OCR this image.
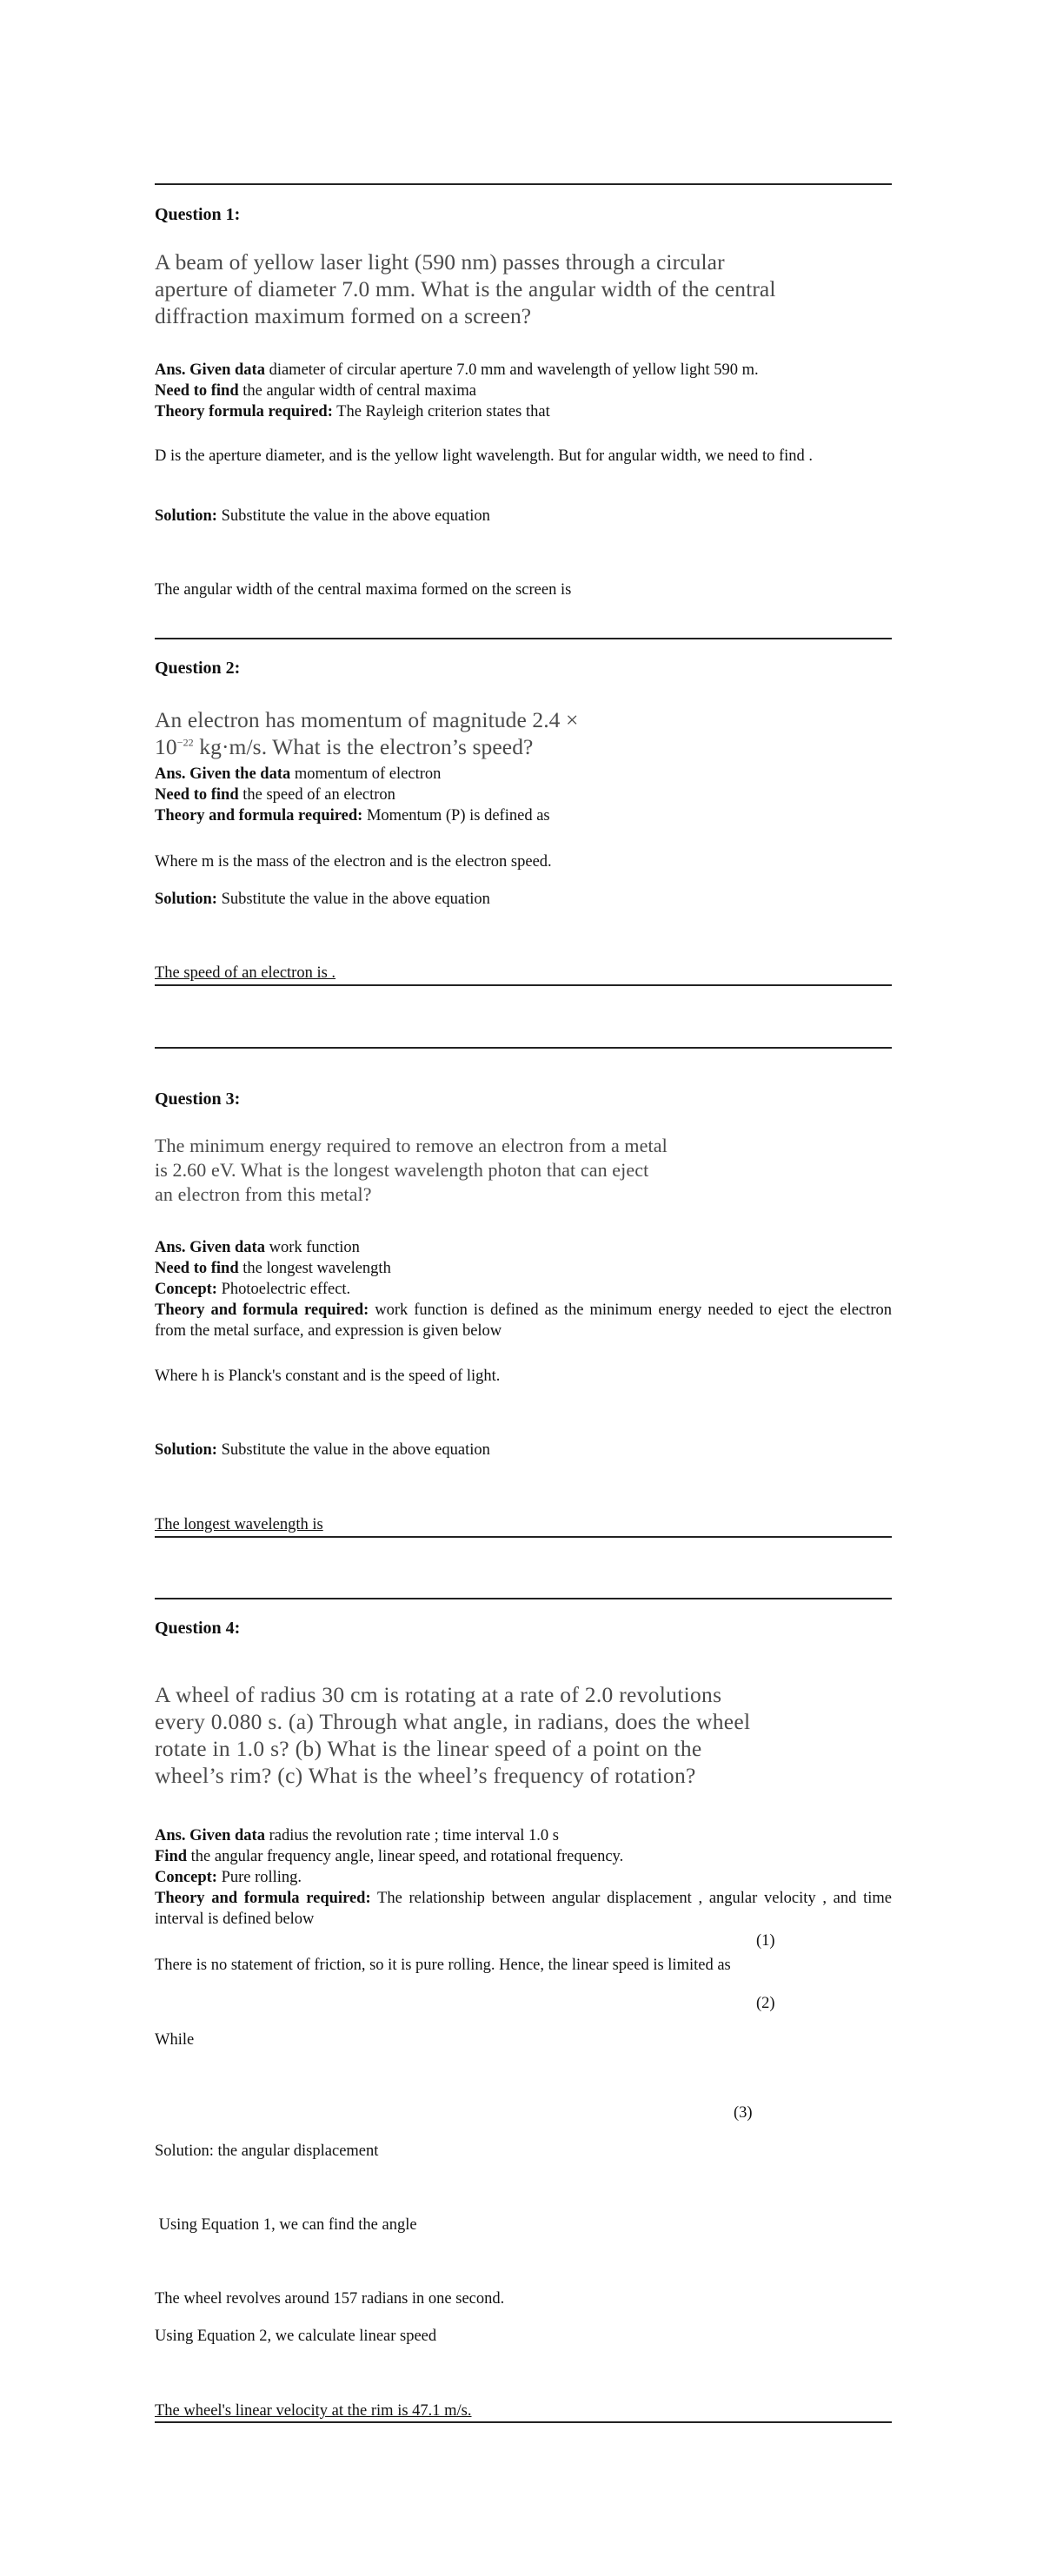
Question 1:
A beam of yellow laser light (590 nm) passes through a circular aperture of diameter 7.0 mm. What is the angular width of the central diffraction maximum formed on a screen?
Ans. Given data diameter of circular aperture 7.0 mm and wavelength of yellow light 590 m.
Need to find the angular width of central maxima
Theory formula required: The Rayleigh criterion states that
D is the aperture diameter, and is the yellow light wavelength. But for angular width, we need to find .
Solution: Substitute the value in the above equation
The angular width of the central maxima formed on the screen is
Question 2:
An electron has momentum of magnitude 2.4 ×
$10^{-22}$ kg·m/s. What is the electron’s speed?
Ans. Given the data momentum of electron
Need to find the speed of an electron
Theory and formula required: Momentum (P) is defined as
Where m is the mass of the electron and is the electron speed.
Solution: Substitute the value in the above equation
The speed of an electron is .
Question 3:
The minimum energy required to remove an electron from a metal is 2.60 eV. What is the longest wavelength photon that can eject an electron from this metal?
Ans. Given data work function
Need to find the longest wavelength
Concept: Photoelectric effect.
Theory and formula required: work function is defined as the minimum energy needed to eject the electron from the metal surface, and expression is given below
Where h is Planck's constant and is the speed of light.
Solution: Substitute the value in the above equation
The longest wavelength is
Question 4:
A wheel of radius 30 cm is rotating at a rate of 2.0 revolutions every 0.080 s. (a) Through what angle, in radians, does the wheel rotate in 1.0 s? (b) What is the linear speed of a point on the wheel’s rim? (c) What is the wheel’s frequency of rotation?
Ans. Given data radius the revolution rate ; time interval 1.0 s
Find the angular frequency angle, linear speed, and rotational frequency.
Concept: Pure rolling.
Theory and formula required: The relationship between angular displacement , angular velocity , and time interval is defined below
(1)
There is no statement of friction, so it is pure rolling. Hence, the linear speed is limited as
(2)
While
(3)
Solution: the angular displacement
Using Equation 1, we can find the angle
The wheel revolves around 157 radians in one second.
Using Equation 2, we calculate linear speed
The wheel's linear velocity at the rim is 47.1 m/s.
